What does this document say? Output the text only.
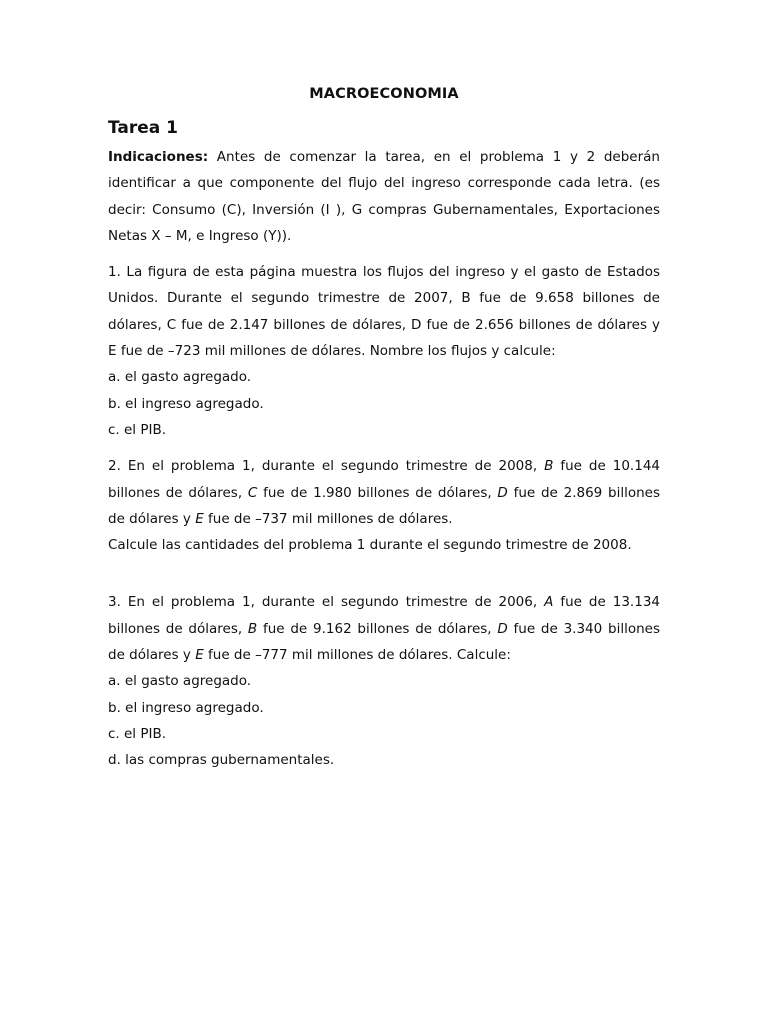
MACROECONOMIA
Tarea 1

Indicaciones: Antes de comenzar la tarea, en el problema 1 y 2 deberán identificar a que componente del flujo del ingreso corresponde cada letra. (es decir: Consumo (C), Inversión (I ), G compras Gubernamentales, Exportaciones Netas X – M, e Ingreso (Y)).

1. La figura de esta página muestra los flujos del ingreso y el gasto de Estados Unidos. Durante el segundo trimestre de 2007, B fue de 9.658 billones de dólares, C fue de 2.147 billones de dólares, D fue de 2.656 billones de dólares y E fue de –723 mil millones de dólares. Nombre los flujos y calcule:

a. el gasto agregado.

b. el ingreso agregado.

c. el PIB.

2. En el problema 1, durante el segundo trimestre de 2008, B fue de 10.144 billones de dólares, C fue de 1.980 billones de dólares, D fue de 2.869 billones de dólares y E fue de –737 mil millones de dólares.

Calcule las cantidades del problema 1 durante el segundo trimestre de 2008.

3. En el problema 1, durante el segundo trimestre de 2006, A fue de 13.134 billones de dólares, B fue de 9.162 billones de dólares, D fue de 3.340 billones de dólares y E fue de –777 mil millones de dólares. Calcule:

a. el gasto agregado.

b. el ingreso agregado.

c. el PIB.

d. las compras gubernamentales.
